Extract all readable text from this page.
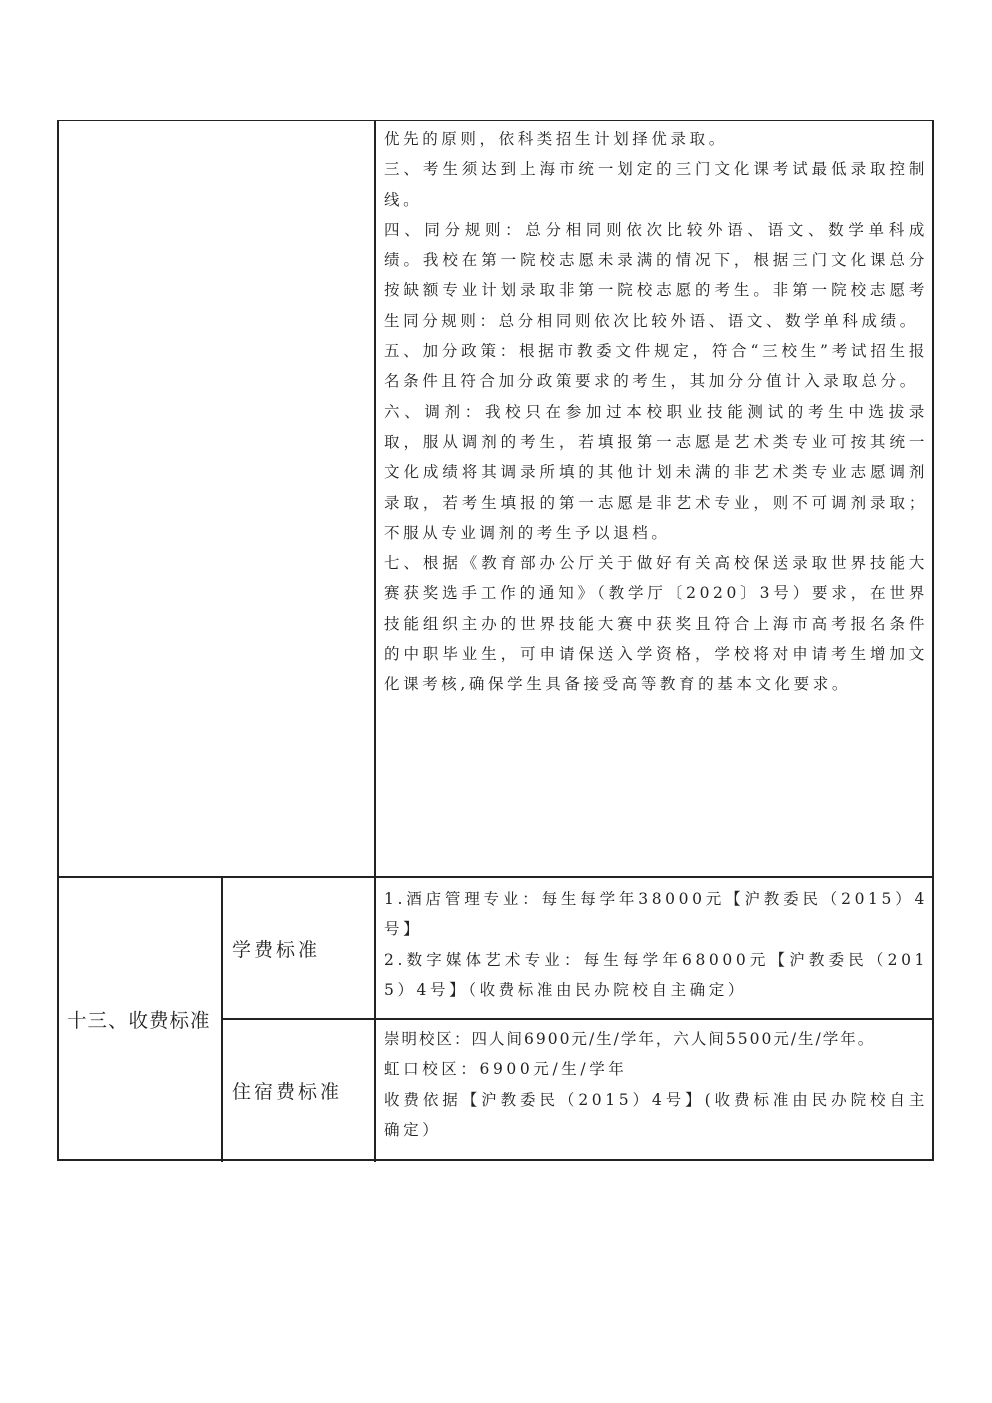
优先的原则，依科类招生计划择优录取。

三、考生须达到上海市统一划定的三门文化课考试最低录取控制线。

四、同分规则：总分相同则依次比较外语、语文、数学单科成绩。我校在第一院校志愿未录满的情况下，根据三门文化课总分按缺额专业计划录取非第一院校志愿的考生。非第一院校志愿考生同分规则：总分相同则依次比较外语、语文、数学单科成绩。

五、加分政策：根据市教委文件规定，符合“三校生”考试招生报名条件且符合加分政策要求的考生，其加分分值计入录取总分。

六、调剂：我校只在参加过本校职业技能测试的考生中选拔录取，服从调剂的考生，若填报第一志愿是艺术类专业可按其统一文化成绩将其调录所填的其他计划未满的非艺术类专业志愿调剂录取，若考生填报的第一志愿是非艺术专业，则不可调剂录取；不服从专业调剂的考生予以退档。

七、根据《教育部办公厅关于做好有关高校保送录取世界技能大赛获奖选手工作的通知》（教学厅〔2020〕3号）要求，在世界技能组织主办的世界技能大赛中获奖且符合上海市高考报名条件的中职毕业生，可申请保送入学资格，学校将对申请考生增加文化课考核,确保学生具备接受高等教育的基本文化要求。

十三、收费标准
学费标准

1.酒店管理专业：每生每学年38000元【沪教委民（2015）4号】

2.数字媒体艺术专业：每生每学年68000元【沪教委民（2015）4号】（收费标准由民办院校自主确定）

住宿费标准

崇明校区：四人间6900元/生/学年，六人间5500元/生/学年。

虹口校区：6900元/生/学年

收费依据【沪教委民（2015）4号】(收费标准由民办院校自主确定）
